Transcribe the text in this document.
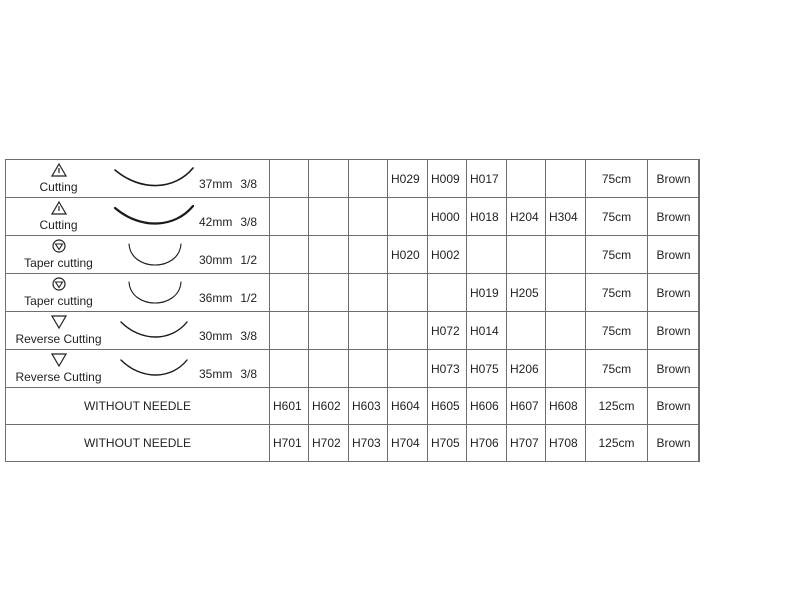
Cutting 37mm 3/8				H029	H009	H017			75cm	Brown

Cutting 42mm 3/8					H000	H018	H204	H304	75cm	Brown

Taper cutting 30mm 1/2				H020	H002				75cm	Brown

Taper cutting 36mm 1/2						H019	H205		75cm	Brown

Reverse Cutting 30mm 3/8					H072	H014			75cm	Brown

Reverse Cutting 35mm 3/8					H073	H075	H206		75cm	Brown
WITHOUT NEEDLE	H601	H602	H603	H604	H605	H606	H607	H608	125cm	Brown
WITHOUT NEEDLE	H701	H702	H703	H704	H705	H706	H707	H708	125cm	Brown
